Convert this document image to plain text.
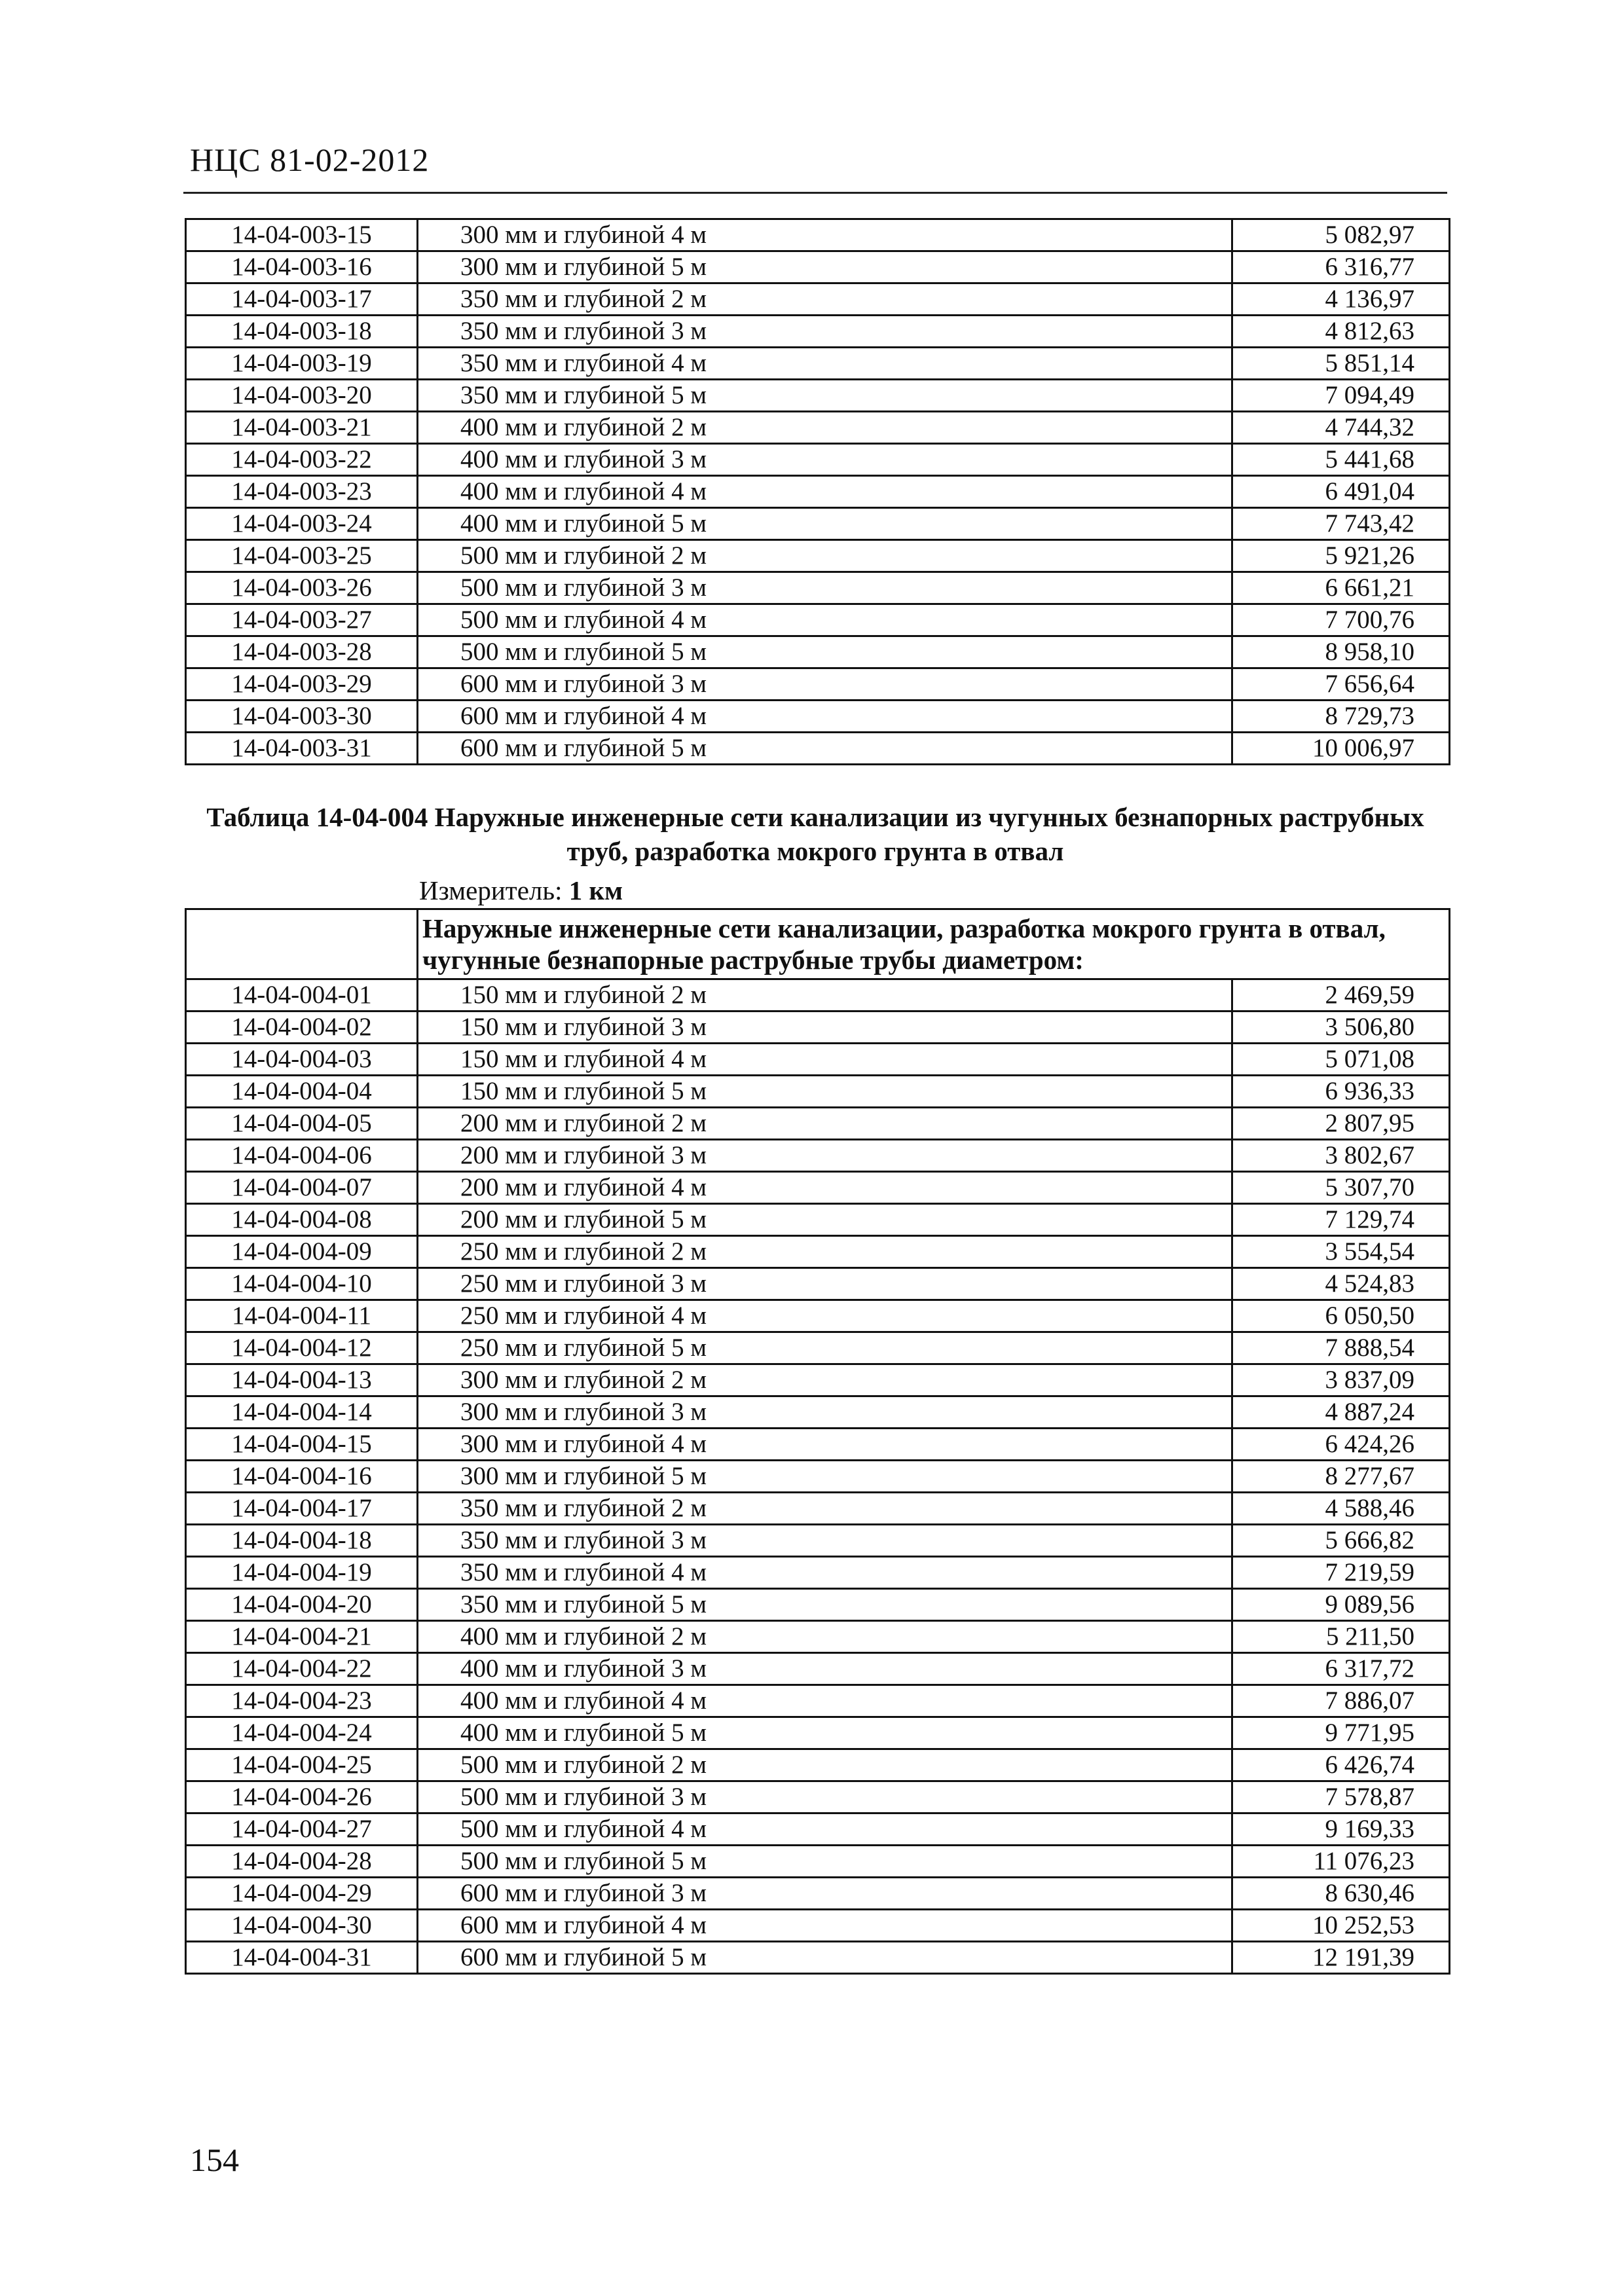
НЦС 81-02-2012
14-04-003-15	300 мм и глубиной 4 м	5 082,97
14-04-003-16	300 мм и глубиной 5 м	6 316,77
14-04-003-17	350 мм и глубиной 2 м	4 136,97
14-04-003-18	350 мм и глубиной 3 м	4 812,63
14-04-003-19	350 мм и глубиной 4 м	5 851,14
14-04-003-20	350 мм и глубиной 5 м	7 094,49
14-04-003-21	400 мм и глубиной 2 м	4 744,32
14-04-003-22	400 мм и глубиной 3 м	5 441,68
14-04-003-23	400 мм и глубиной 4 м	6 491,04
14-04-003-24	400 мм и глубиной 5 м	7 743,42
14-04-003-25	500 мм и глубиной 2 м	5 921,26
14-04-003-26	500 мм и глубиной 3 м	6 661,21
14-04-003-27	500 мм и глубиной 4 м	7 700,76
14-04-003-28	500 мм и глубиной 5 м	8 958,10
14-04-003-29	600 мм и глубиной 3 м	7 656,64
14-04-003-30	600 мм и глубиной 4 м	8 729,73
14-04-003-31	600 мм и глубиной 5 м	10 006,97
Таблица 14-04-004 Наружные инженерные сети канализации из чугунных безнапорных раструбных труб, разработка мокрого грунта в отвал
Измеритель: 1 км
	Наружные инженерные сети канализации, разработка мокрого грунта в отвал, чугунные безнапорные раструбные трубы диаметром:	
14-04-004-01	150 мм и глубиной 2 м	2 469,59
14-04-004-02	150 мм и глубиной 3 м	3 506,80
14-04-004-03	150 мм и глубиной 4 м	5 071,08
14-04-004-04	150 мм и глубиной 5 м	6 936,33
14-04-004-05	200 мм и глубиной 2 м	2 807,95
14-04-004-06	200 мм и глубиной 3 м	3 802,67
14-04-004-07	200 мм и глубиной 4 м	5 307,70
14-04-004-08	200 мм и глубиной 5 м	7 129,74
14-04-004-09	250 мм и глубиной 2 м	3 554,54
14-04-004-10	250 мм и глубиной 3 м	4 524,83
14-04-004-11	250 мм и глубиной 4 м	6 050,50
14-04-004-12	250 мм и глубиной 5 м	7 888,54
14-04-004-13	300 мм и глубиной 2 м	3 837,09
14-04-004-14	300 мм и глубиной 3 м	4 887,24
14-04-004-15	300 мм и глубиной 4 м	6 424,26
14-04-004-16	300 мм и глубиной 5 м	8 277,67
14-04-004-17	350 мм и глубиной 2 м	4 588,46
14-04-004-18	350 мм и глубиной 3 м	5 666,82
14-04-004-19	350 мм и глубиной 4 м	7 219,59
14-04-004-20	350 мм и глубиной 5 м	9 089,56
14-04-004-21	400 мм и глубиной 2 м	5 211,50
14-04-004-22	400 мм и глубиной 3 м	6 317,72
14-04-004-23	400 мм и глубиной 4 м	7 886,07
14-04-004-24	400 мм и глубиной 5 м	9 771,95
14-04-004-25	500 мм и глубиной 2 м	6 426,74
14-04-004-26	500 мм и глубиной 3 м	7 578,87
14-04-004-27	500 мм и глубиной 4 м	9 169,33
14-04-004-28	500 мм и глубиной 5 м	11 076,23
14-04-004-29	600 мм и глубиной 3 м	8 630,46
14-04-004-30	600 мм и глубиной 4 м	10 252,53
14-04-004-31	600 мм и глубиной 5 м	12 191,39
154
